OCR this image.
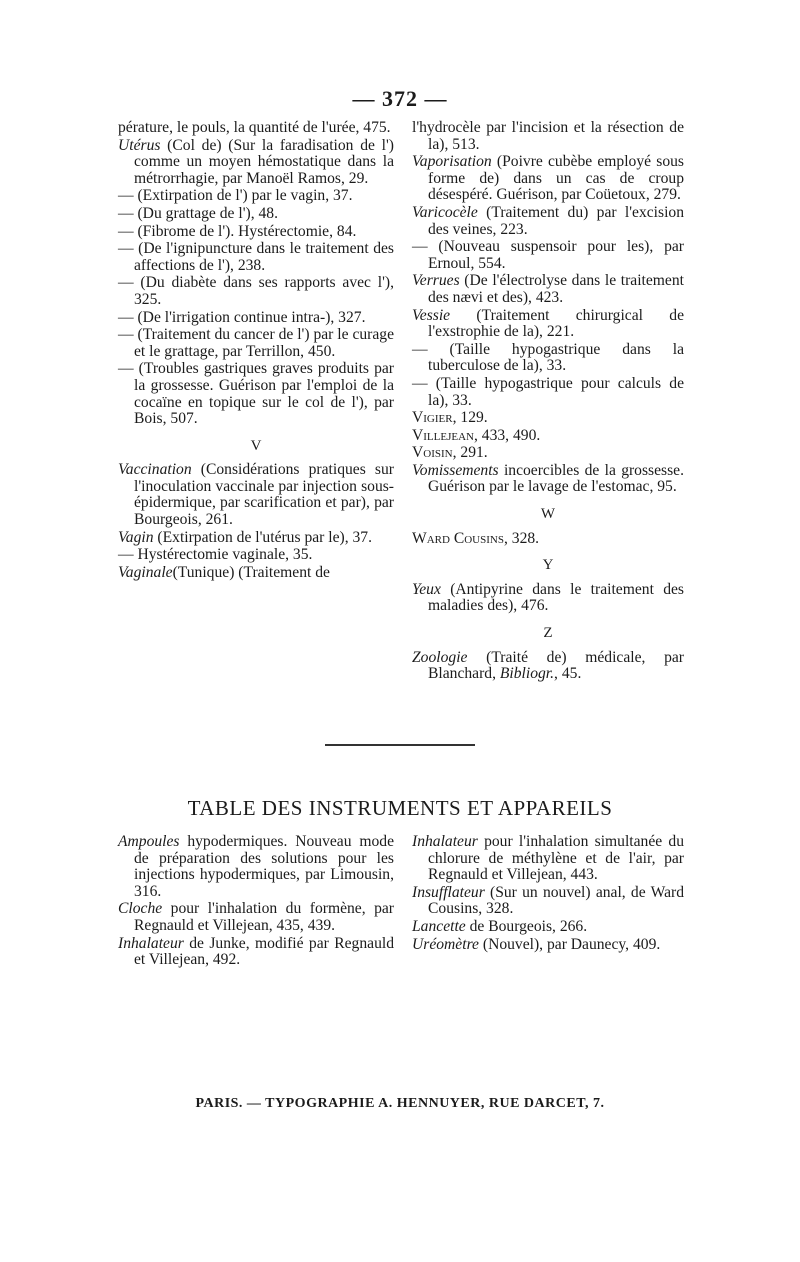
— 372 —
pérature, le pouls, la quantité de l'urée, 475.
Utérus (Col de) (Sur la faradisation de l') comme un moyen hémostatique dans la métrorrhagie, par Manoël Ramos, 29.
— (Extirpation de l') par le vagin, 37.
— (Du grattage de l'), 48.
— (Fibrome de l'). Hystérectomie, 84.
— (De l'ignipuncture dans le traitement des affections de l'), 238.
— (Du diabète dans ses rapports avec l'), 325.
— (De l'irrigation continue intra-), 327.
— (Traitement du cancer de l') par le curage et le grattage, par Terrillon, 450.
— (Troubles gastriques graves produits par la grossesse. Guérison par l'emploi de la cocaïne en topique sur le col de l'), par Bois, 507.
V
Vaccination (Considérations pratiques sur l'inoculation vaccinale par injection sous-épidermique, par scarification et par), par Bourgeois, 261.
Vagin (Extirpation de l'utérus par le), 37.
— Hystérectomie vaginale, 35.
Vaginale(Tunique) (Traitement de
l'hydrocèle par l'incision et la résection de la), 513.
Vaporisation (Poivre cubèbe employé sous forme de) dans un cas de croup désespéré. Guérison, par Coüetoux, 279.
Varicocèle (Traitement du) par l'excision des veines, 223.
— (Nouveau suspensoir pour les), par Ernoul, 554.
Verrues (De l'électrolyse dans le traitement des nævi et des), 423.
Vessie (Traitement chirurgical de l'exstrophie de la), 221.
— (Taille hypogastrique dans la tuberculose de la), 33.
— (Taille hypogastrique pour calculs de la), 33.
Vigier, 129.
Villejean, 433, 490.
Voisin, 291.
Vomissements incoercibles de la grossesse. Guérison par le lavage de l'estomac, 95.
W
Ward Cousins, 328.
Y
Yeux (Antipyrine dans le traitement des maladies des), 476.
Z
Zoologie (Traité de) médicale, par Blanchard, Bibliogr., 45.
TABLE DES INSTRUMENTS ET APPAREILS
Ampoules hypodermiques. Nouveau mode de préparation des solutions pour les injections hypodermiques, par Limousin, 316.
Cloche pour l'inhalation du formène, par Regnauld et Villejean, 435, 439.
Inhalateur de Junke, modifié par Regnauld et Villejean, 492.
Inhalateur pour l'inhalation simultanée du chlorure de méthylène et de l'air, par Regnauld et Villejean, 443.
Insufflateur (Sur un nouvel) anal, de Ward Cousins, 328.
Lancette de Bourgeois, 266.
Uréomètre (Nouvel), par Daunecy, 409.
PARIS. — TYPOGRAPHIE A. HENNUYER, RUE DARCET, 7.
